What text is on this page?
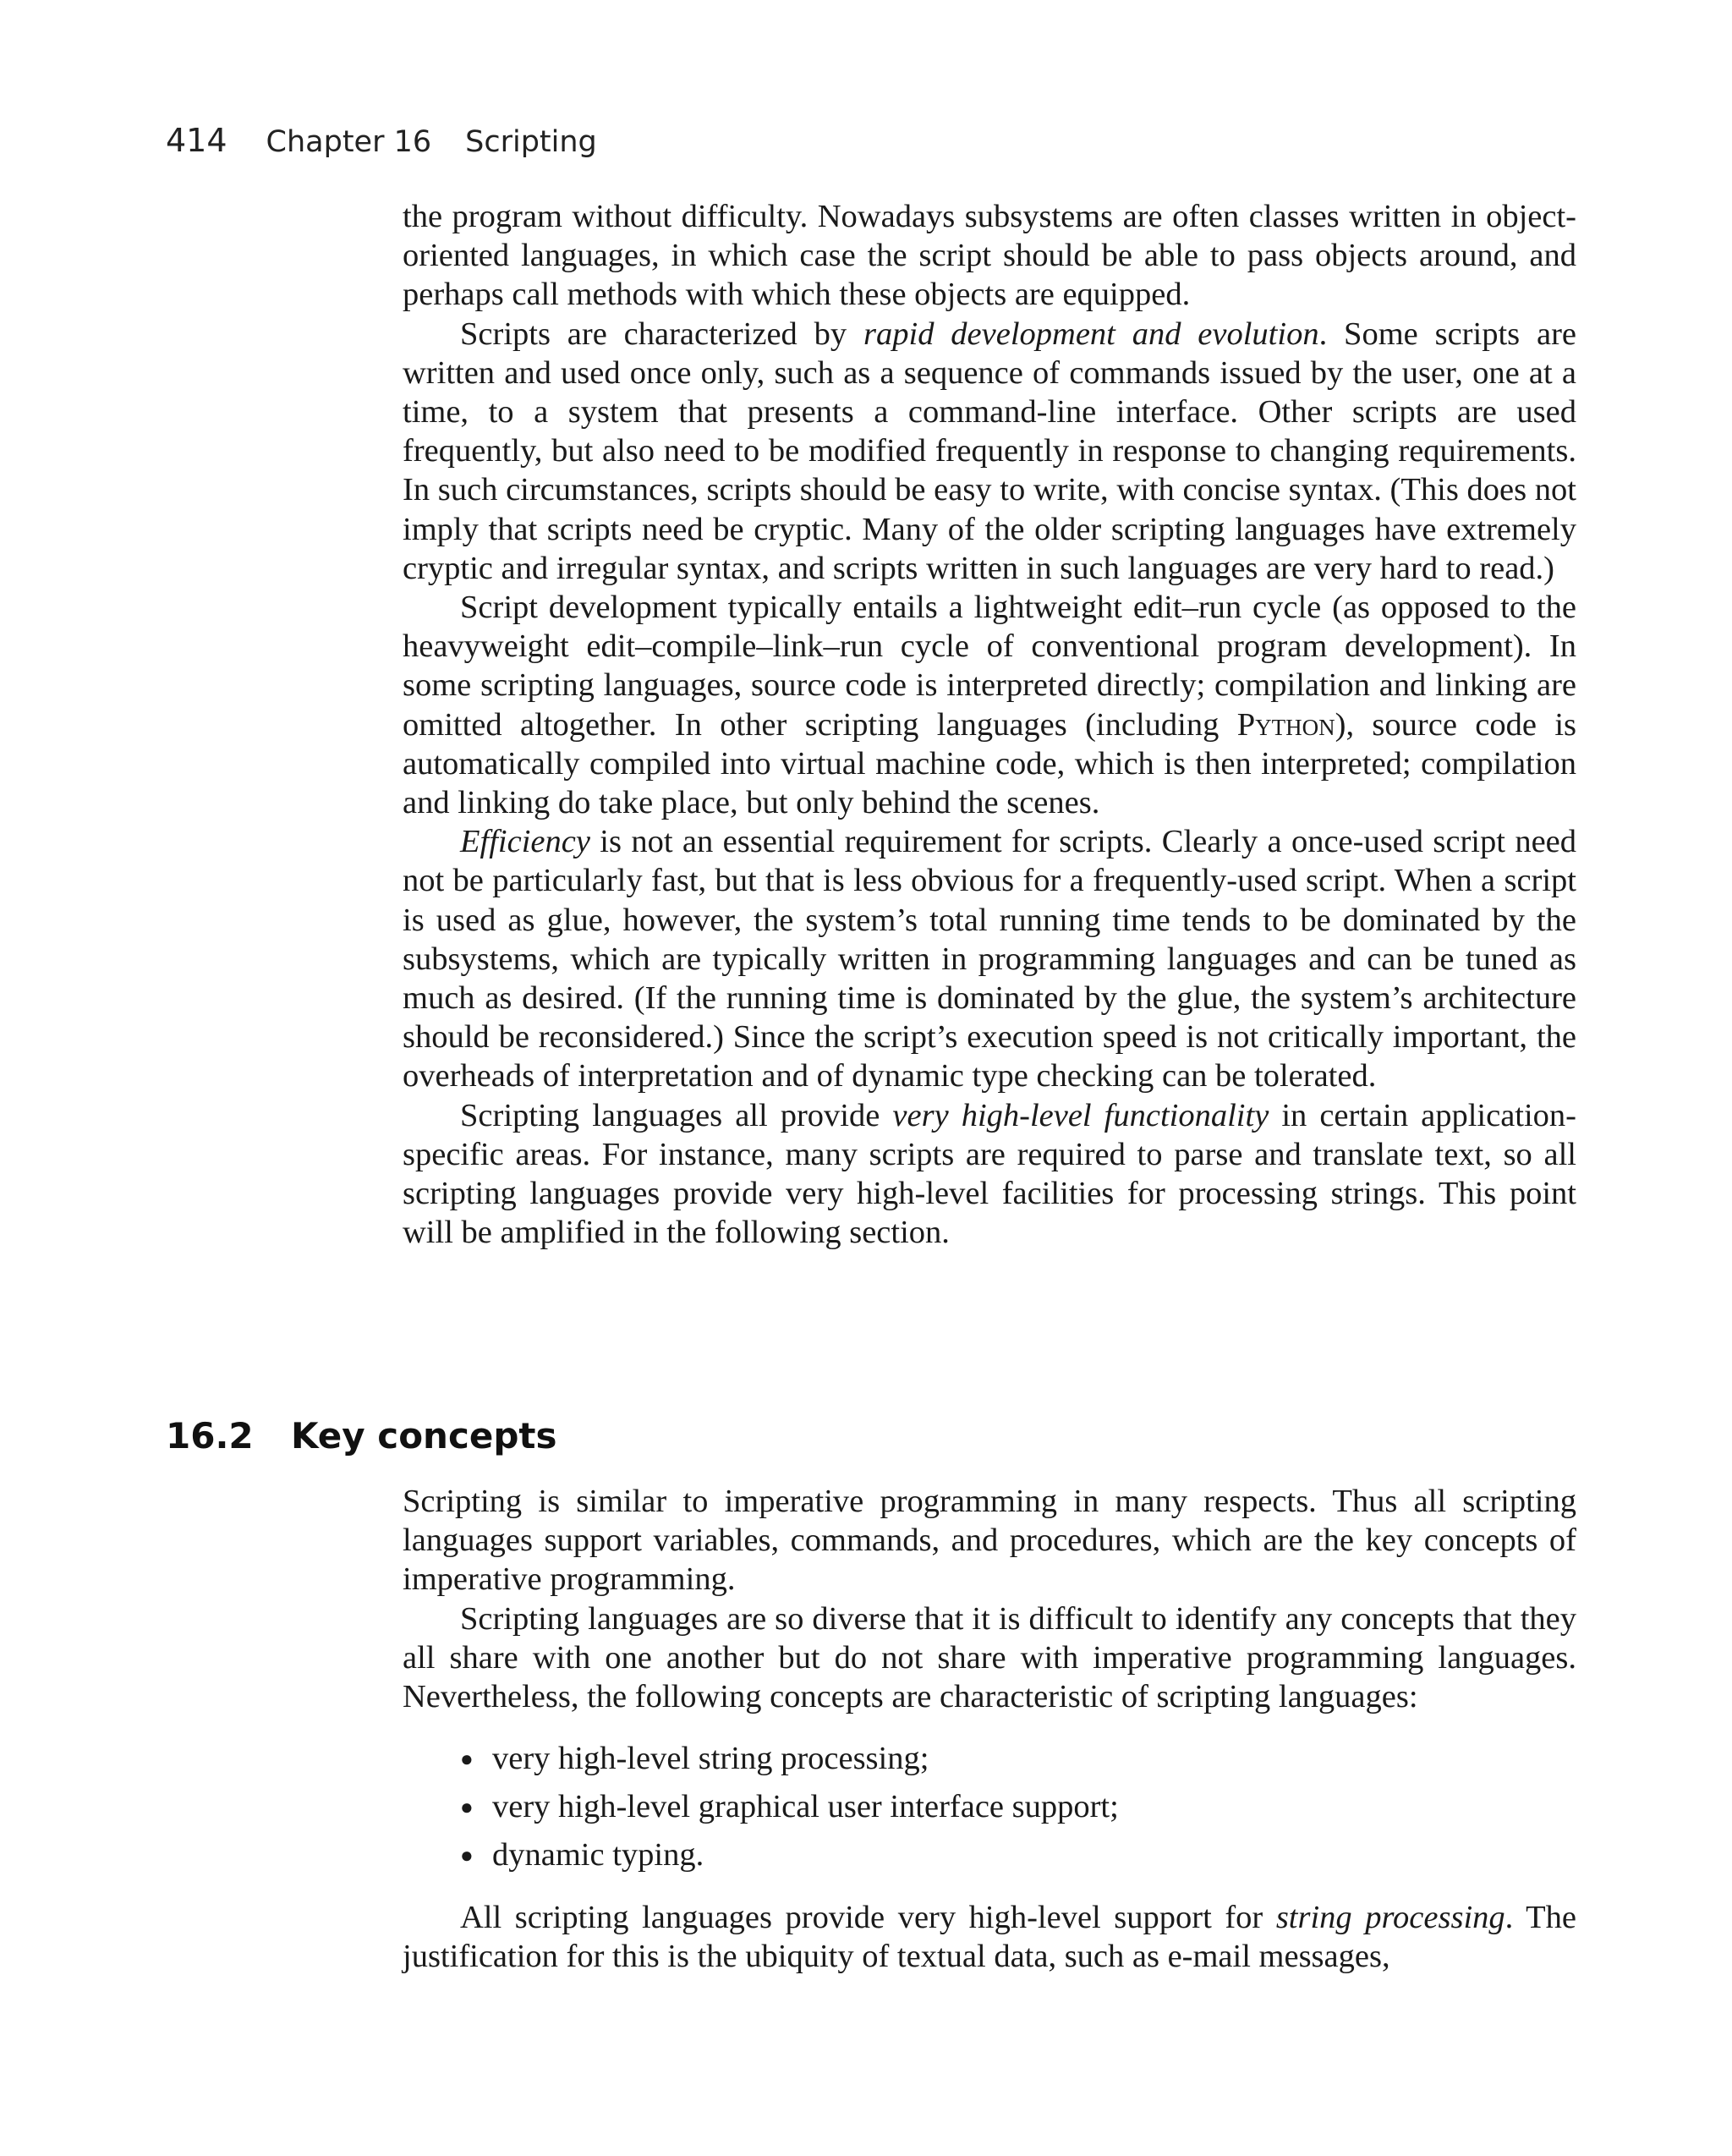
414 Chapter 16 Scripting

the program without difficulty. Nowadays subsystems are often classes written in object-oriented languages, in which case the script should be able to pass objects around, and perhaps call methods with which these objects are equipped.

Scripts are characterized by rapid development and evolution. Some scripts are written and used once only, such as a sequence of commands issued by the user, one at a time, to a system that presents a command-line interface. Other scripts are used frequently, but also need to be modified frequently in response to changing requirements. In such circumstances, scripts should be easy to write, with concise syntax. (This does not imply that scripts need be cryptic. Many of the older scripting languages have extremely cryptic and irregular syntax, and scripts written in such languages are very hard to read.)

Script development typically entails a lightweight edit–run cycle (as opposed to the heavyweight edit–compile–link–run cycle of conventional program development). In some scripting languages, source code is interpreted directly; compilation and linking are omitted altogether. In other scripting languages (including Python), source code is automatically compiled into virtual machine code, which is then interpreted; compilation and linking do take place, but only behind the scenes.

Efficiency is not an essential requirement for scripts. Clearly a once-used script need not be particularly fast, but that is less obvious for a frequently-used script. When a script is used as glue, however, the system’s total running time tends to be dominated by the subsystems, which are typically written in programming languages and can be tuned as much as desired. (If the running time is dominated by the glue, the system’s architecture should be reconsidered.) Since the script’s execution speed is not critically important, the overheads of interpretation and of dynamic type checking can be tolerated.

Scripting languages all provide very high-level functionality in certain application-specific areas. For instance, many scripts are required to parse and translate text, so all scripting languages provide very high-level facilities for processing strings. This point will be amplified in the following section.

16.2 Key concepts

Scripting is similar to imperative programming in many respects. Thus all scripting languages support variables, commands, and procedures, which are the key concepts of imperative programming.

Scripting languages are so diverse that it is difficult to identify any concepts that they all share with one another but do not share with imperative programming languages. Nevertheless, the following concepts are characteristic of scripting languages:

● very high-level string processing;
● very high-level graphical user interface support;
● dynamic typing.

All scripting languages provide very high-level support for string processing. The justification for this is the ubiquity of textual data, such as e-mail messages,
